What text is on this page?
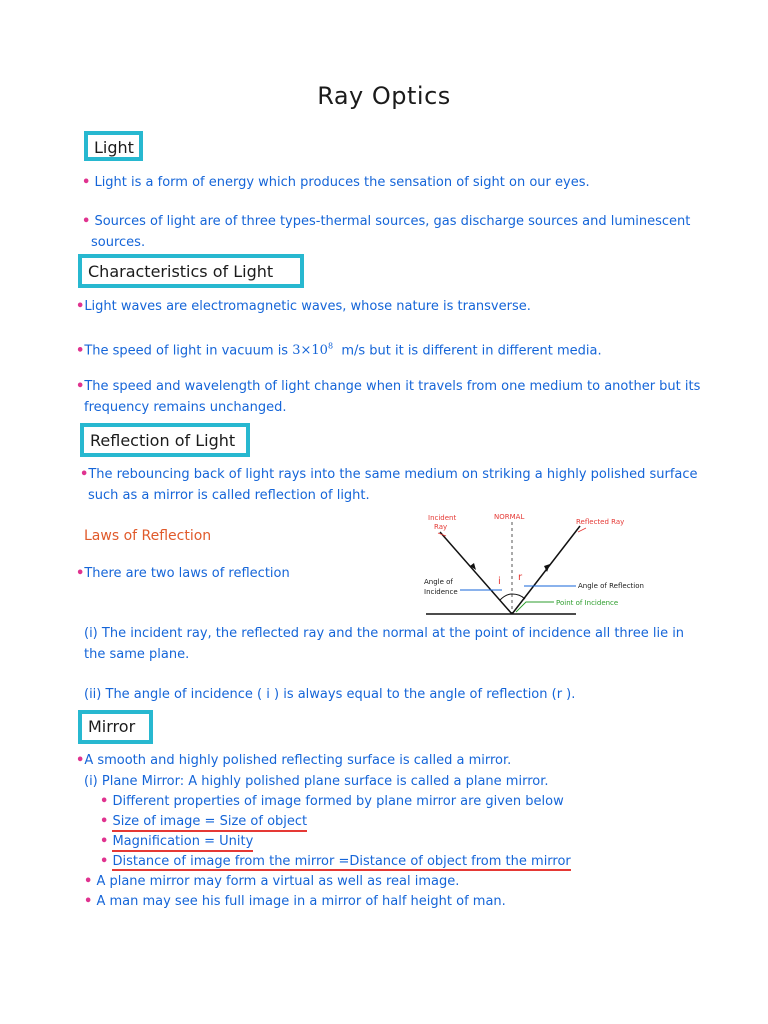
Ray Optics
Light
• Light is a form of energy which produces the sensation of sight on our eyes.
• Sources of light are of three types-thermal sources, gas discharge sources and luminescent
sources.
Characteristics of Light
•Light waves are electromagnetic waves, whose nature is transverse.
•The speed of light in vacuum is $3\times 10^8$ m/s but it is different in different media.
•The speed and wavelength of light change when it travels from one medium to another but its
frequency remains unchanged.
Reflection of Light
•The rebouncing back of light rays into the same medium on striking a highly polished surface
such as a mirror is called reflection of light.
Laws of Reflection
•There are two laws of reflection
i r
Incident
Ray
NORMAL
Reflected Ray
Angle of
Incidence
Angle of Reflection
Point of Incidence
(i) The incident ray, the reflected ray and the normal at the point of incidence all three lie in
the same plane.
(ii) The angle of incidence ( i ) is always equal to the angle of reflection (r ).
Mirror
•A smooth and highly polished reflecting surface is called a mirror.
(i) Plane Mirror: A highly polished plane surface is called a plane mirror.
• Different properties of image formed by plane mirror are given below
• Size of image = Size of object
• Magnification = Unity
• Distance of image from the mirror =Distance of object from the mirror
• A plane mirror may form a virtual as well as real image.
• A man may see his full image in a mirror of half height of man.
